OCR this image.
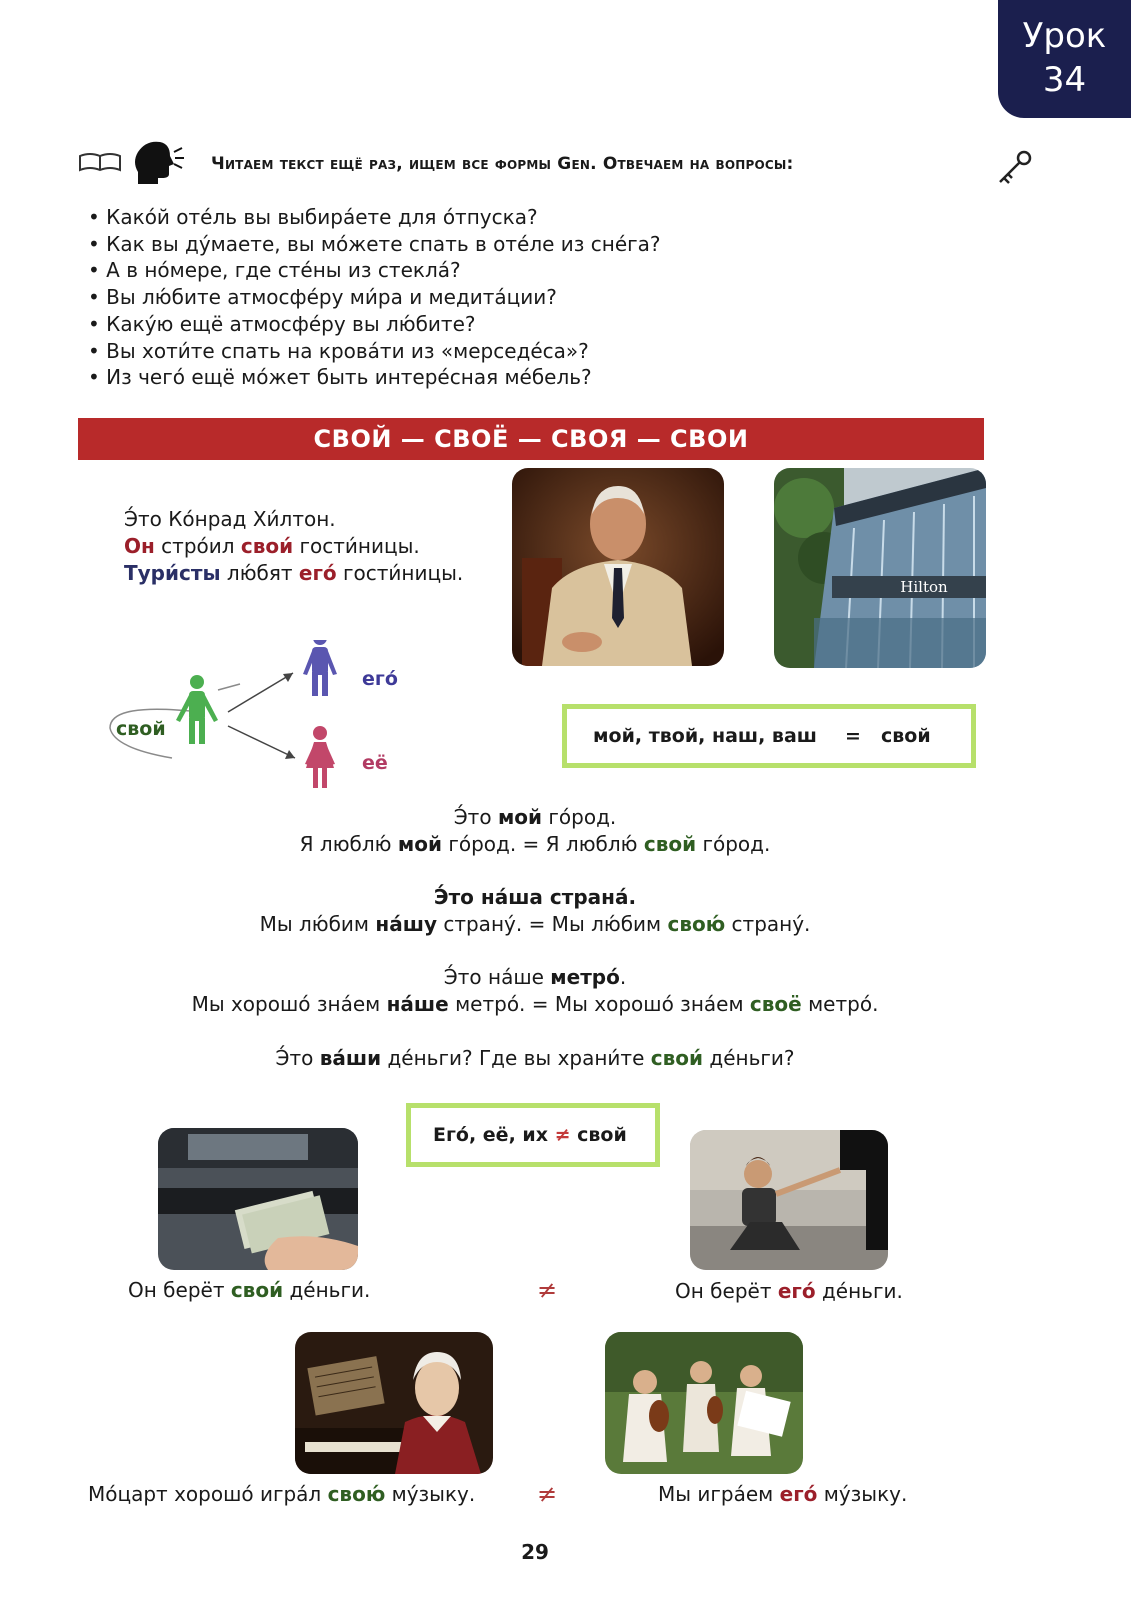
Урок
34
Читаем текст ещё раз, ищем все формы Gen. Отвечаем на вопросы:
• Како́й оте́ль вы выбира́ете для о́тпуска?
• Как вы ду́маете, вы мо́жете спать в оте́ле из сне́га?
• А в но́мере, где сте́ны из стекла́?
• Вы лю́бите атмосфе́ру ми́ра и медита́ции?
• Каку́ю ещё атмосфе́ру вы лю́бите?
• Вы хоти́те спать на крова́ти из «мерседе́са»?
• Из чего́ ещё мо́жет быть интере́сная ме́бель?
СВОЙ — СВОЁ — СВОЯ — СВОИ
Э́то Ко́нрад Хи́лтон.
Он стро́ил свои́ гости́ницы.
Тури́сты лю́бят его́ гости́ницы.
Hilton
свой
его́
её
мой, твой, наш, ваш = свой
Э́то мой го́род.
Я люблю́ мой го́род. = Я люблю́ свой го́род.
Э́то на́ша страна́.
Мы лю́бим на́шу страну́. = Мы лю́бим свою́ страну́.
Э́то на́ше метро́.
Мы хорошо́ зна́ем на́ше метро́. = Мы хорошо́ зна́ем своё метро́.
Э́то ва́ши де́ньги? Где вы храни́те свои́ де́ньги?
Его́, её, их ≠ свой
Он берёт свои́ де́ньги.	≠	Он берёт его́ де́ньги.
Мо́царт хорошо́ игра́л свою́ му́зыку.	≠	Мы игра́ем его́ му́зыку.
29
